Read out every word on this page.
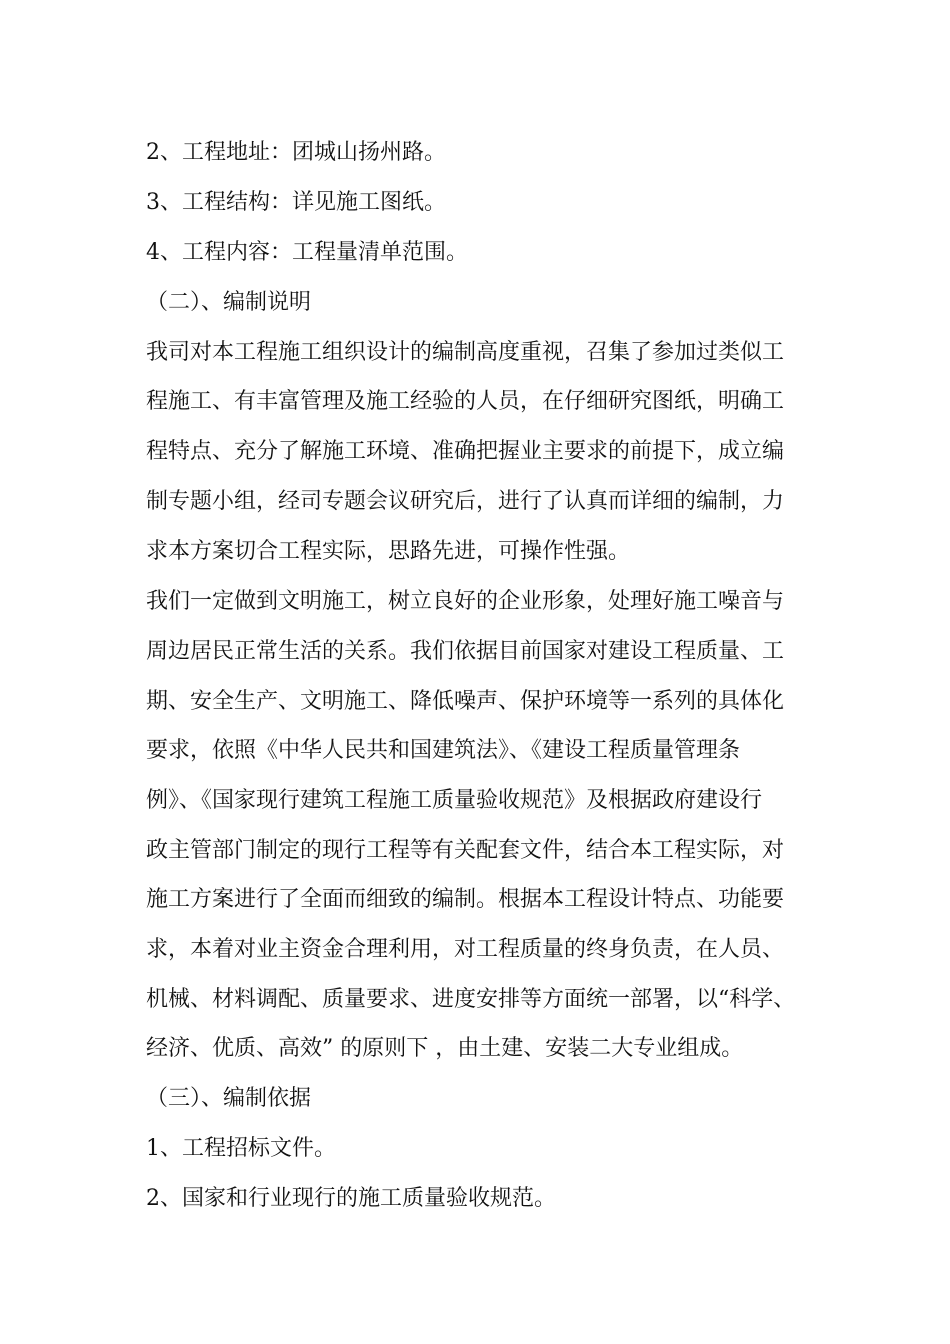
2、工程地址：团城山扬州路。
3、工程结构：详见施工图纸。
4、工程内容：工程量清单范围。
（二）、编制说明
我司对本工程施工组织设计的编制高度重视，召集了参加过类似工
程施工、有丰富管理及施工经验的人员，在仔细研究图纸，明确工
程特点、充分了解施工环境、准确把握业主要求的前提下，成立编
制专题小组，经司专题会议研究后，进行了认真而详细的编制，力
求本方案切合工程实际，思路先进，可操作性强。
我们一定做到文明施工，树立良好的企业形象，处理好施工噪音与
周边居民正常生活的关系。我们依据目前国家对建设工程质量、工
期、安全生产、文明施工、降低噪声、保护环境等一系列的具体化
要求，依照《中华人民共和国建筑法》、《建设工程质量管理条
例》、《国家现行建筑工程施工质量验收规范》及根据政府建设行
政主管部门制定的现行工程等有关配套文件，结合本工程实际，对
施工方案进行了全面而细致的编制。根据本工程设计特点、功能要
求，本着对业主资金合理利用，对工程质量的终身负责，在人员、
机械、材料调配、质量要求、进度安排等方面统一部署，以“科学、
经济、优质、高效” 的原则下 ，由土建、安装二大专业组成。
（三）、编制依据
1、工程招标文件。
2、国家和行业现行的施工质量验收规范。
